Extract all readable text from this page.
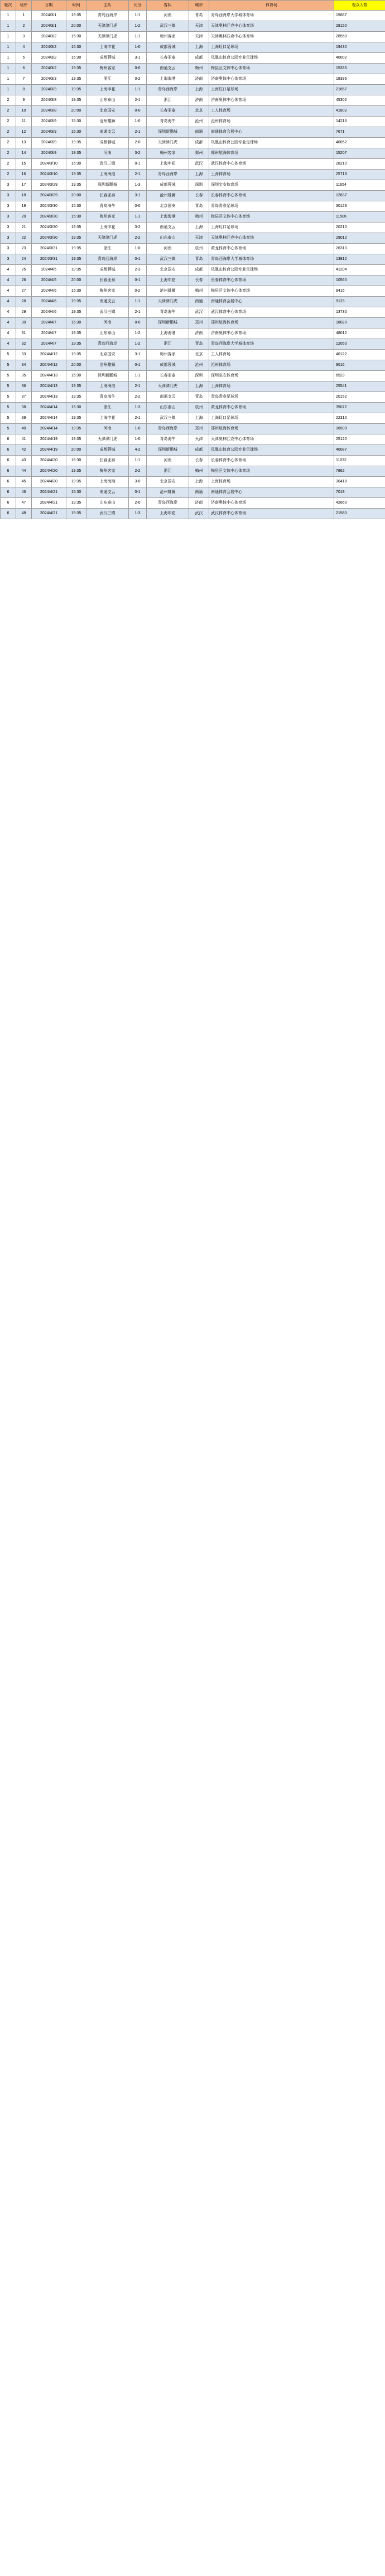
轮次	场序	日期	时间	主队	比分	客队	城市	体育场	观众人数
1	1	2024/3/1	19:35	青岛西海岸	1-1	河南	青岛	青岛西海岸大学城体育场	15687
1	2	2024/3/1	20:00	天津津门虎	1-2	武汉三镇	天津	天津奥林匹克中心体育场	28150
1	3	2024/3/2	15:30	天津津门虎	1-1	梅州客家	天津	天津奥林匹克中心体育场	28550
1	4	2024/3/2	15:30	上海申花	1-0	成都蓉城	上海	上海虹口足球场	19430
1	5	2024/3/2	15:30	成都蓉城	3-1	长春亚泰	成都	凤凰山体育公园专业足球场	40002
1	6	2024/3/2	19:35	梅州客家	0-0	南通支云	梅州	梅县区文体中心体育场	15335
1	7	2024/3/3	19:35	浙江	0-2	上海海港	济南	济南奥体中心体育场	18396
1	8	2024/3/3	19:35	上海申花	1-1	青岛西海岸	上海	上海虹口足球场	21857
2	9	2024/3/8	19:35	山东泰山	2-1	浙江	济南	济南奥体中心体育场	45302
2	10	2024/3/8	20:00	北京国安	0-0	长春亚泰	北京	工人体育场	41802
2	11	2024/3/9	15:30	沧州雄狮	1-0	青岛海牛	沧州	沧州体育场	14216
2	12	2024/3/9	15:30	南通支云	2-1	深圳新鹏城	南通	南通体育会展中心	7671
2	13	2024/3/9	19:35	成都蓉城	2-0	天津津门虎	成都	凤凰山体育公园专业足球场	40052
2	14	2024/3/9	19:35	河南	3-2	梅州客家	郑州	郑州航海体育场	15207
2	15	2024/3/10	15:30	武汉三镇	0-1	上海申花	武汉	武汉体育中心体育场	28210
2	16	2024/3/10	19:35	上海海港	2-1	青岛西海岸	上海	上海体育场	25713
3	17	2024/3/29	19:35	深圳新鹏城	1-3	成都蓉城	深圳	深圳宝安体育场	11654
3	18	2024/3/29	20:00	长春亚泰	3-1	沧州雄狮	长春	长春体育中心体育场	12837
3	19	2024/3/30	15:30	青岛海牛	0-0	北京国安	青岛	青岛青春足球场	30123
3	20	2024/3/30	15:30	梅州客家	1-1	上海海港	梅州	梅县区文体中心体育场	11506
3	21	2024/3/30	19:35	上海申花	3-2	南通支云	上海	上海虹口足球场	20210
3	22	2024/3/30	19:35	天津津门虎	2-2	山东泰山	天津	天津奥林匹克中心体育场	29012
3	23	2024/3/31	19:35	浙江	1-0	河南	杭州	黄龙体育中心体育场	26310
3	24	2024/3/31	19:35	青岛西海岸	0-1	武汉三镇	青岛	青岛西海岸大学城体育场	13812
4	25	2024/4/5	19:35	成都蓉城	2-3	北京国安	成都	凤凰山体育公园专业足球场	41204
4	26	2024/4/5	20:00	长春亚泰	0-1	上海申花	长春	长春体育中心体育场	10560
4	27	2024/4/6	15:30	梅州客家	0-2	沧州雄狮	梅州	梅县区文体中心体育场	8416
4	28	2024/4/6	19:35	南通支云	1-1	天津津门虎	南通	南通体育会展中心	9123
4	29	2024/4/6	19:35	武汉三镇	2-1	青岛海牛	武汉	武汉体育中心体育场	13730
4	30	2024/4/7	15:30	河南	0-0	深圳新鹏城	郑州	郑州航海体育场	18020
4	31	2024/4/7	19:35	山东泰山	1-2	上海海港	济南	济南奥体中心体育场	48012
4	32	2024/4/7	19:35	青岛西海岸	1-2	浙江	青岛	青岛西海岸大学城体育场	12050
5	33	2024/4/12	19:35	北京国安	3-1	梅州客家	北京	工人体育场	40122
5	34	2024/4/12	20:00	沧州雄狮	0-1	成都蓉城	沧州	沧州体育场	9016
5	35	2024/4/13	15:30	深圳新鹏城	1-1	长春亚泰	深圳	深圳宝安体育场	6523
5	36	2024/4/13	19:35	上海海港	2-1	天津津门虎	上海	上海体育场	25541
5	37	2024/4/13	19:35	青岛海牛	2-2	南通支云	青岛	青岛青春足球场	20152
5	38	2024/4/14	15:30	浙江	1-3	山东泰山	杭州	黄龙体育中心体育场	35072
5	39	2024/4/14	19:35	上海申花	2-1	武汉三镇	上海	上海虹口足球场	22310
5	40	2024/4/14	19:35	河南	1-0	青岛西海岸	郑州	郑州航海体育场	16509
6	41	2024/4/19	19:35	天津津门虎	1-0	青岛海牛	天津	天津奥林匹克中心体育场	25120
6	42	2024/4/19	20:00	成都蓉城	4-2	深圳新鹏城	成都	凤凰山体育公园专业足球场	40087
6	43	2024/4/20	15:30	长春亚泰	1-1	河南	长春	长春体育中心体育场	11032
6	44	2024/4/20	19:35	梅州客家	2-2	浙江	梅州	梅县区文体中心体育场	7862
6	45	2024/4/20	19:35	上海海港	3-0	北京国安	上海	上海体育场	30418
6	46	2024/4/21	15:30	南通支云	0-1	沧州雄狮	南通	南通体育会展中心	7019
6	47	2024/4/21	19:35	山东泰山	2-0	青岛西海岸	济南	济南奥体中心体育场	42660
6	48	2024/4/21	19:35	武汉三镇	1-3	上海申花	武汉	武汉体育中心体育场	21560
